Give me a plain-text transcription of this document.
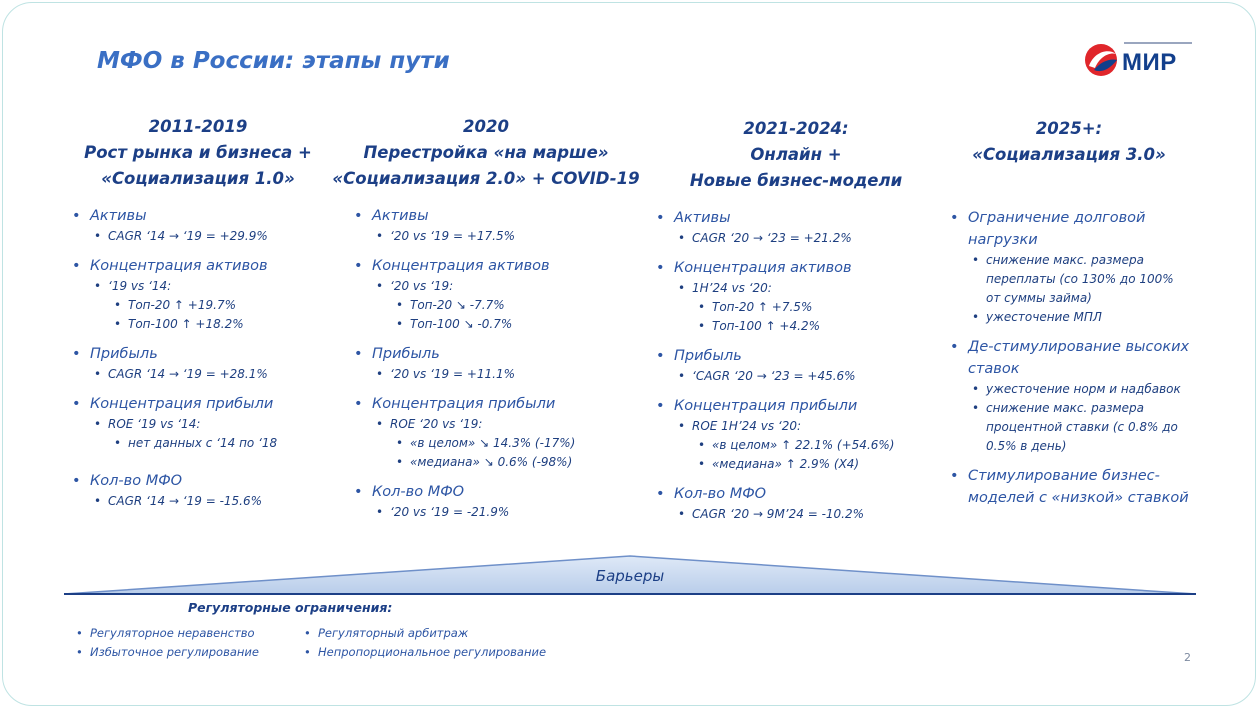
МФО в России: этапы пути	МИР
2011-2019
Рост рынка и бизнеса +
«Социализация 1.0»
• Активы
• CAGR ‘14 → ‘19 = +29.9%
• Концентрация активов
• ‘19 vs ‘14:
• Топ-20 ↑ +19.7%
• Топ-100 ↑ +18.2%
• Прибыль
• CAGR ‘14 → ‘19 = +28.1%
• Концентрация прибыли
• ROE ‘19 vs ‘14:
• нет данных с ‘14 по ‘18
• Кол-во МФО
• CAGR ‘14 → ‘19 = -15.6%
2020
Перестройка «на марше»
«Социализация 2.0» + COVID-19
• Активы
• ‘20 vs ‘19 = +17.5%
• Концентрация активов
• ‘20 vs ‘19:
• Топ-20 ↘ -7.7%
• Топ-100 ↘ -0.7%
• Прибыль
• ‘20 vs ‘19 = +11.1%
• Концентрация прибыли
• ROE ‘20 vs ‘19:
• «в целом» ↘ 14.3% (-17%)
• «медиана» ↘ 0.6% (-98%)
• Кол-во МФО
• ‘20 vs ‘19 = -21.9%
2021-2024:
Онлайн +
Новые бизнес-модели
• Активы
• CAGR ‘20 → ‘23 = +21.2%
• Концентрация активов
• 1Н’24 vs ‘20:
• Топ-20 ↑ +7.5%
• Топ-100 ↑ +4.2%
• Прибыль
• ‘CAGR ‘20 → ‘23 = +45.6%
• Концентрация прибыли
• ROE 1Н’24 vs ‘20:
• «в целом» ↑ 22.1% (+54.6%)
• «медиана» ↑ 2.9% (Х4)
• Кол-во МФО
• CAGR ‘20 → 9М’24 = -10.2%
2025+:
«Социализация 3.0»
• Ограничение долговой нагрузки
• снижение макс. размера переплаты (со 130% до 100% от суммы займа)
• ужесточение МПЛ
• Де-стимулирование высоких ставок
• ужесточение норм и надбавок
• снижение макс. размера процентной ставки (с 0.8% до 0.5% в день)
• Стимулирование бизнес-моделей с «низкой» ставкой
Барьеры
Регуляторные ограничения:
• Регуляторное неравенство
• Избыточное регулирование
• Регуляторный арбитраж
• Непропорциональное регулирование	2
